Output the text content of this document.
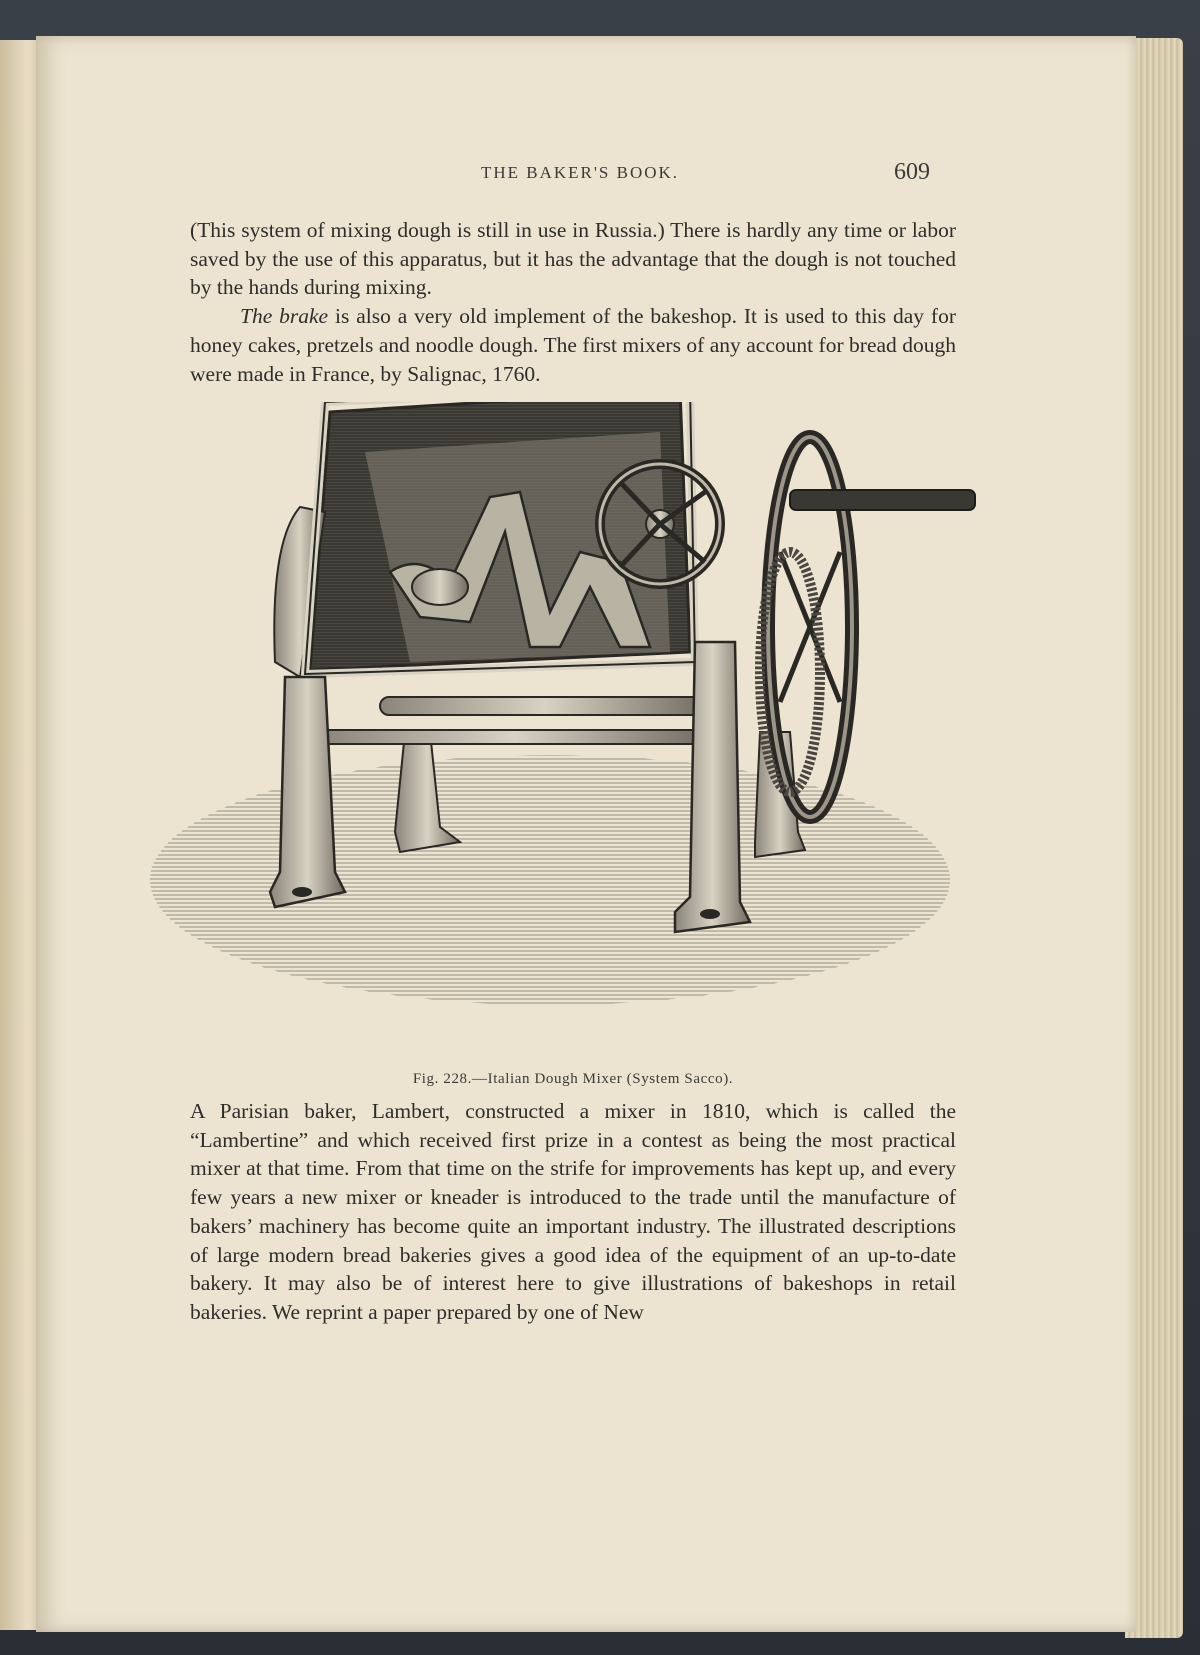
THE BAKER'S BOOK.	609

(This system of mixing dough is still in use in Russia.) There is hardly any time or labor saved by the use of this apparatus, but it has the advantage that the dough is not touched by the hands during mixing.

The brake is also a very old implement of the bakeshop. It is used to this day for honey cakes, pretzels and noodle dough. The first mixers of any account for bread dough were made in France, by Salignac, 1760.

Fig. 228.—Italian Dough Mixer (System Sacco).

A Parisian baker, Lambert, constructed a mixer in 1810, which is called the “Lambertine” and which received first prize in a contest as being the most practical mixer at that time. From that time on the strife for improvements has kept up, and every few years a new mixer or kneader is introduced to the trade until the manufacture of bakers’ machinery has become quite an important industry. The illustrated descriptions of large modern bread bakeries gives a good idea of the equipment of an up-to-date bakery. It may also be of interest here to give illustrations of bakeshops in retail bakeries. We reprint a paper prepared by one of New
